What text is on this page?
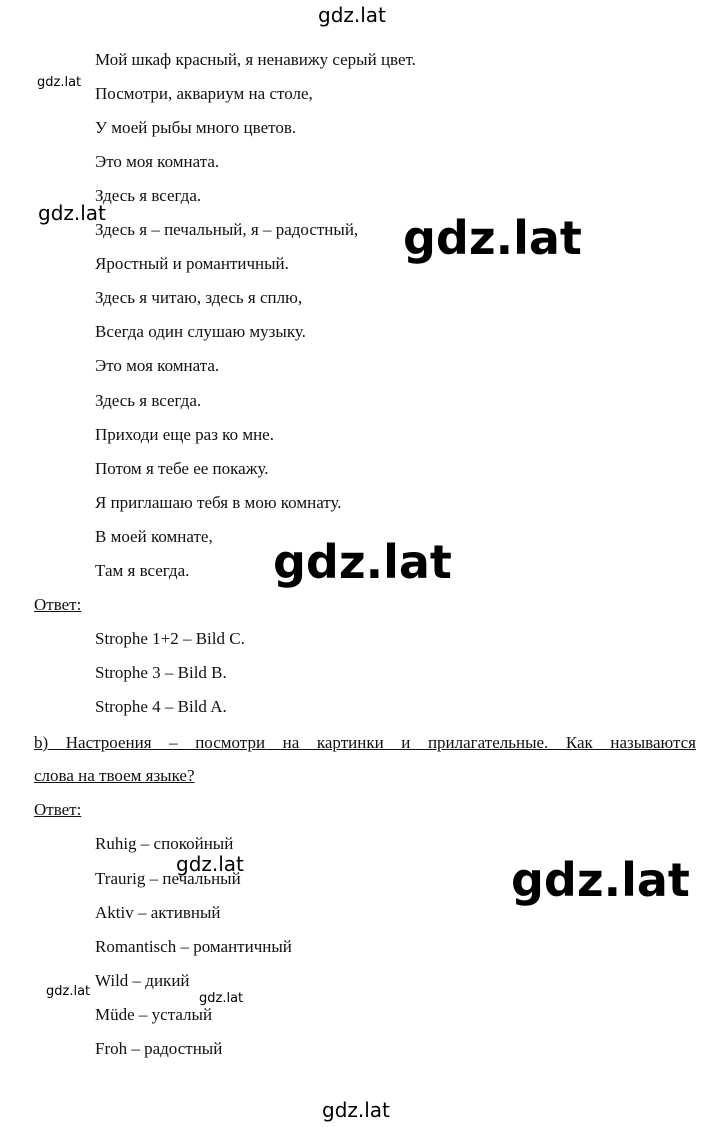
Мой шкаф красный, я ненавижу серый цвет.
Посмотри, аквариум на столе,
У моей рыбы много цветов.
Это моя комната.
Здесь я всегда.
Здесь я – печальный, я – радостный,
Яростный и романтичный.
Здесь я читаю, здесь я сплю,
Всегда один слушаю музыку.
Это моя комната.
Здесь я всегда.
Приходи еще раз ко мне.
Потом я тебе ее покажу.
Я приглашаю тебя в мою комнату.
В моей комнате,
Там я всегда.
Ответ:
Strophe 1+2 – Bild C.
Strophe 3 – Bild B.
Strophe 4 – Bild A.
b) Настроения – посмотри на картинки и прилагательные. Как называются
слова на твоем языке?
Ответ:
Ruhig – спокойный
Traurig – печальный
Aktiv – активный
Romantisch – романтичный
Wild – дикий
Müde – усталый
Froh – радостный
gdz.lat
gdz.lat
gdz.lat	gdz.lat
gdz.lat
gdz.lat	gdz.lat
gdz.lat	gdz.lat
gdz.lat
